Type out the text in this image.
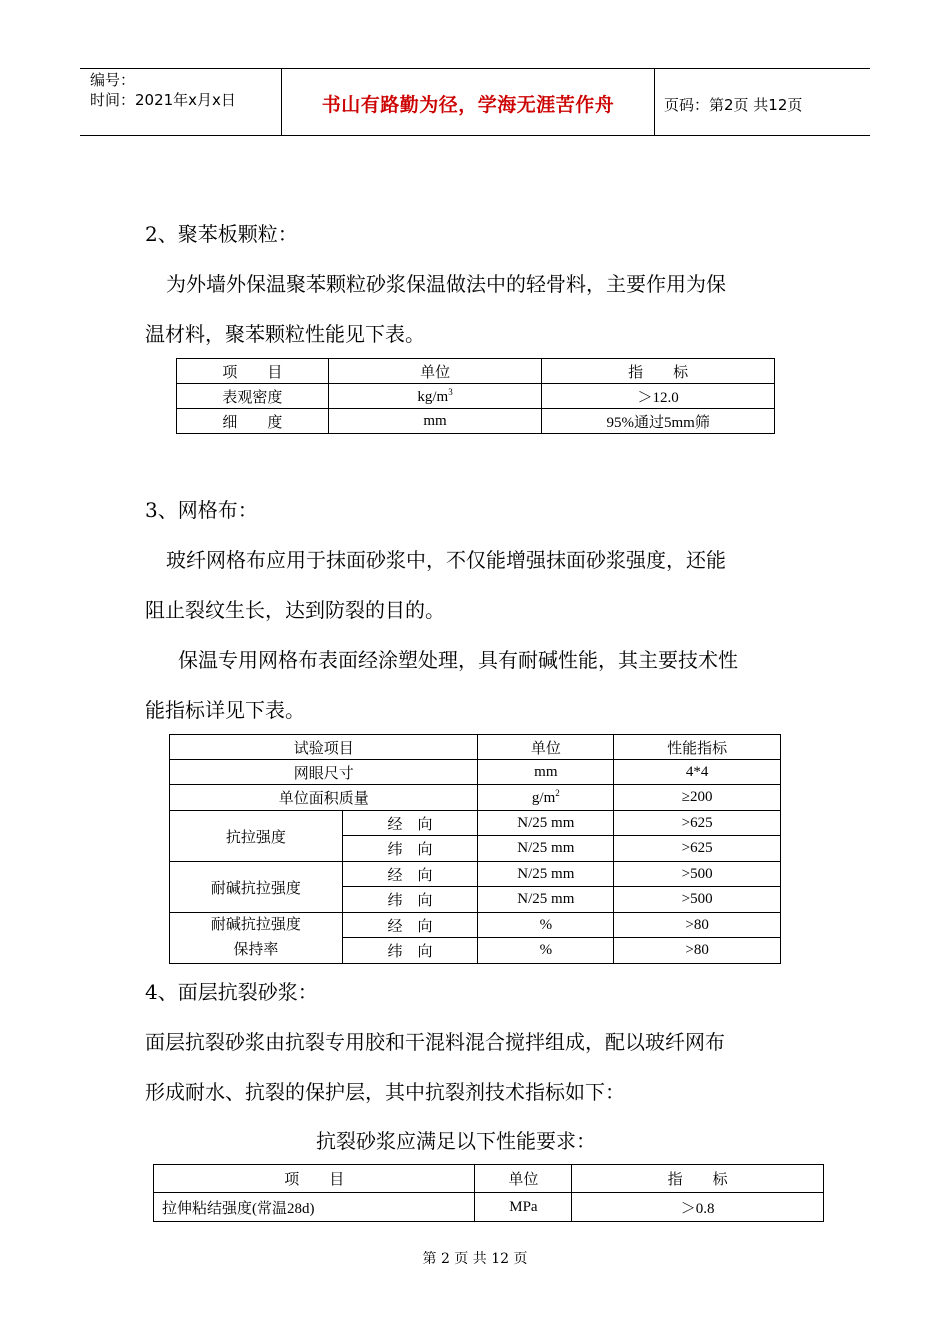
编号：
时间：2021年x月x日	书山有路勤为径，学海无涯苦作舟	页码：第2页 共12页
2、聚苯板颗粒：
为外墙外保温聚苯颗粒砂浆保温做法中的轻骨料，主要作用为保
温材料，聚苯颗粒性能见下表。
项　　目	单位	指　　标
表观密度	$kg/m^3$	＞12.0
细　　度	mm	95%通过5mm筛
3、网格布：
玻纤网格布应用于抹面砂浆中，不仅能增强抹面砂浆强度，还能
阻止裂纹生长，达到防裂的目的。
保温专用网格布表面经涂塑处理，具有耐碱性能，其主要技术性
能指标详见下表。
试验项目		单位	性能指标
网眼尺寸		mm	4*4
单位面积质量		$g/m^2$	≥200
抗拉强度	经　向	N/25 mm	>625
	纬　向	N/25 mm	>625
耐碱抗拉强度	经　向	N/25 mm	>500
	纬　向	N/25 mm	>500

耐碱抗拉强度
保持率	经　向	%	>80
	纬　向	%	>80
4、面层抗裂砂浆：
面层抗裂砂浆由抗裂专用胶和干混料混合搅拌组成，配以玻纤网布
形成耐水、抗裂的保护层，其中抗裂剂技术指标如下：
抗裂砂浆应满足以下性能要求：
项　　目	单位	指　　标
拉伸粘结强度(常温28d)	MPa	＞0.8
第 2 页 共 12 页
